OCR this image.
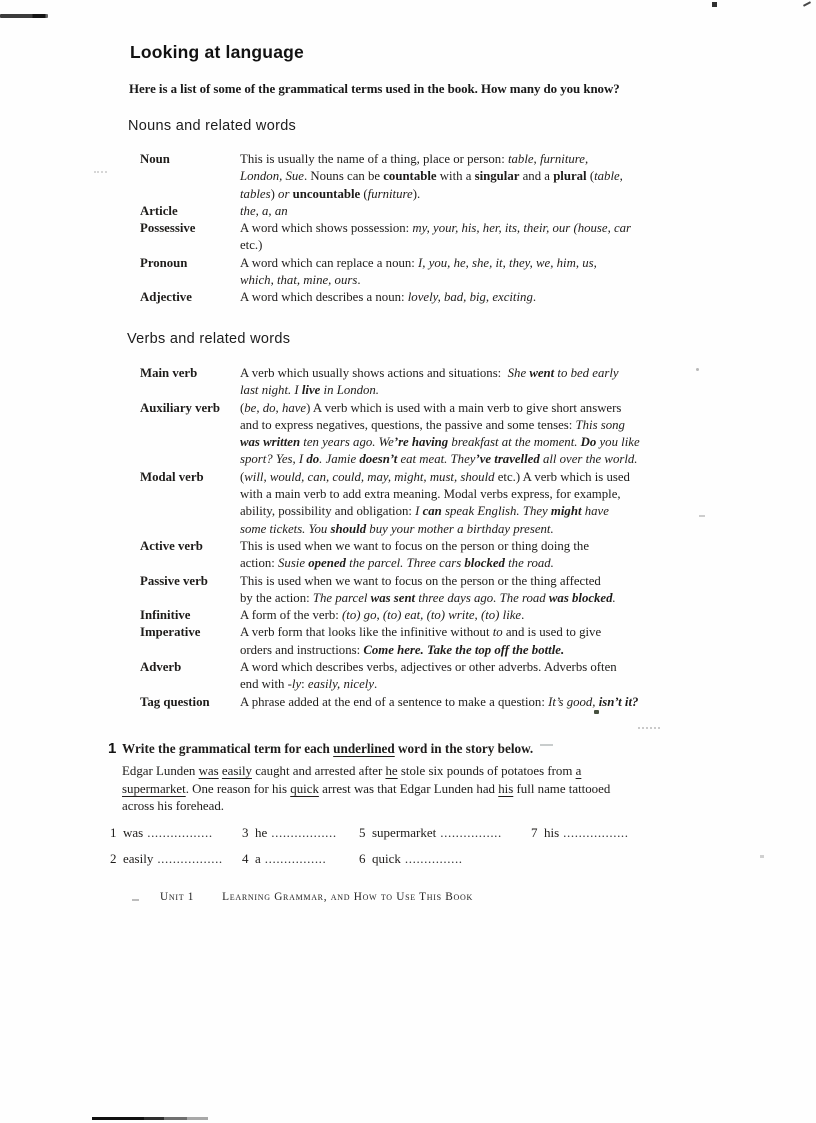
Looking at language
Here is a list of some of the grammatical terms used in the book. How many do you know?
Nouns and related words
Noun	This is usually the name of a thing, place or person: table, furniture,
London, Sue. Nouns can be countable with a singular and a plural (table,
tables) or uncountable (furniture).
Article	the, a, an
Possessive	A word which shows possession: my, your, his, her, its, their, our (house, car
etc.)
Pronoun	A word which can replace a noun: I, you, he, she, it, they, we, him, us,
which, that, mine, ours.
Adjective	A word which describes a noun: lovely, bad, big, exciting.
Verbs and related words
Main verb	A verb which usually shows actions and situations:  She went to bed early
last night. I live in London.
Auxiliary verb	(be, do, have) A verb which is used with a main verb to give short answers
and to express negatives, questions, the passive and some tenses: This song
was written ten years ago. We’re having breakfast at the moment. Do you like
sport? Yes, I do. Jamie doesn’t eat meat. They’ve travelled all over the world.
Modal verb	(will, would, can, could, may, might, must, should etc.) A verb which is used
with a main verb to add extra meaning. Modal verbs express, for example,
ability, possibility and obligation: I can speak English. They might have
some tickets. You should buy your mother a birthday present.
Active verb	This is used when we want to focus on the person or thing doing the
action: Susie opened the parcel. Three cars blocked the road.
Passive verb	This is used when we want to focus on the person or the thing affected
by the action: The parcel was sent three days ago. The road was blocked.
Infinitive	A form of the verb: (to) go, (to) eat, (to) write, (to) like.
Imperative	A verb form that looks like the infinitive without to and is used to give
orders and instructions: Come here. Take the top off the bottle.
Adverb	A word which describes verbs, adjectives or other adverbs. Adverbs often
end with -ly: easily, nicely.
Tag question	A phrase added at the end of a sentence to make a question: It’s good, isn’t it?
1 Write the grammatical term for each underlined word in the story below.
Edgar Lunden was easily caught and arrested after he stole six pounds of potatoes from a
supermarket. One reason for his quick arrest was that Edgar Lunden had his full name tattooed
across his forehead.
1 was ................. 3 he ................. 5 supermarket ................ 7 his .................
2 easily ................. 4 a ................	6 quick ...............
Unit 1 Learning Grammar, and How to Use This Book
